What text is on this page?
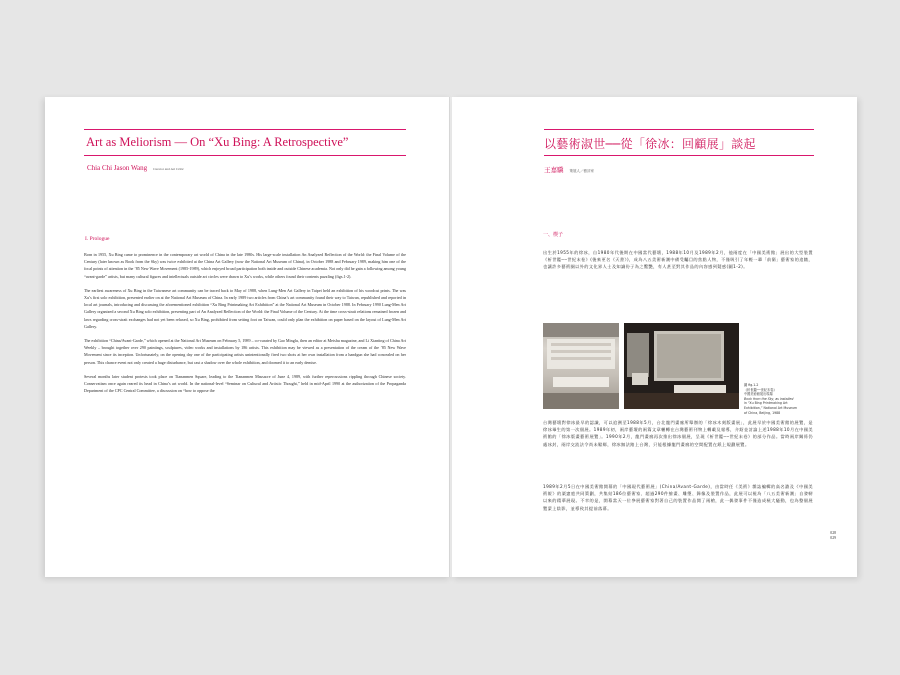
Art as Meliorism — On “Xu Bing: A Retrospective”
Chia Chi Jason Wang Curator and Art Critic
I. Prologue

Born in 1955, Xu Bing came to prominence in the contemporary art world of China in the late 1980s. His large-scale installation An Analyzed Reflection of the World: the Final Volume of the Century (later known as Book from the Sky) was twice exhibited at the China Art Gallery (now the National Art Museum of China), in October 1988 and February 1989, making him one of the focal points of attention in the ’85 New Wave Movement (1985-1989), which enjoyed broad participation both inside and outside Chinese academia. Not only did he gain a following among young “avant-garde” artists, but many cultural figures and intellectuals outside art circles were drawn to Xu’s works, while others found their contents puzzling (figs.1-2).

The earliest awareness of Xu Bing in the Taiwanese art community can be traced back to May of 1988, when Lung-Men Art Gallery in Taipei held an exhibition of his woodcut prints. The was Xu’s first solo exhibition, presented earlier on at the National Art Museum of China. In early 1989 two articles from China’s art community found their way to Taiwan, republished and reported in local art journals, introducing and discussing the aforementioned exhibition “Xu Bing Printmaking Art Exhibition” at the National Art Museum in October 1988. In February 1990 Lung-Men Art Gallery organized a second Xu Bing solo exhibition, presenting part of An Analyzed Reflection of the World: the Final Volume of the Century. At the time cross-strait relations remained frozen and laws regarding cross-strait exchanges had not yet been relaxed, so Xu Bing, prohibited from setting foot on Taiwan, could only plan the exhibition on paper based on the layout of Lung-Men Art Gallery.

The exhibition “China/Avant-Garde,” which opened at the National Art Museum on February 5, 1989 – co-curated by Gao Minglu, then an editor at Meishu magazine, and Li Xianting of China Art Weekly – brought together over 290 paintings, sculptures, video works and installations by 186 artists. This exhibition may be viewed as a presentation of the cream of the ’85 New Wave Movement since its inception. Unfortunately, on the opening day one of the participating artists unintentionally fired two shots at her own installation from a handgun she had concealed on her person. This chance event not only created a huge disturbance, but cast a shadow over the whole exhibition, and doomed it to an early demise.

Several months later student protests took place on Tiananmen Square, leading to the Tiananmen Massacre of June 4, 1989, with further repercussions rippling through Chinese society. Conservatism once again reared its head in China’s art world. In the national-level “Seminar on Cultural and Artistic Thought,” held in mid-April 1990 at the authorization of the Propaganda Department of the CPC Central Committee, a discussion on “how to oppose the

以藝術淑世──從「徐冰：回顧展」談起
王嘉驥 策展人／藝評家
一、楔子
出生於1955年的徐冰，自1980年代後期在中國當代藝壇，1988年10月及1989年2月，他兩度在「中國美術館」展出的大型裝置《析世鑑──世紀末卷》(後來更名《天書》)，成為八五美術新潮中備受矚目的焦點人物，不僅吸引了年輕一輩「前衛」藝術家的追隨，也讓許多藝術圈以外的文化界人士及知識份子為之驚艷，有人甚至對其作品的內容感到疑惑(圖1-2)。
圖 fig.1-2
《析世鑑──世紀末卷》
中國美術館展出現場
Book from the Sky, as installed
in “Xu Bing Printmaking Art
Exhibition,” National Art Museum
of China, Beijing, 1988
台灣藝壇對徐冰最早的認識，可以追溯至1988年5月，台北龍門畫廊所舉辦的「徐冰木刻版畫展」，此展早於中國美術館的展覽，是徐冰畢生的第一次個展。1989年初，兩岸藝壇的兩篇文章輾轉在台灣藝術刊物上轉載及報導，介紹並討論上述1988年10月在中國美術館的「徐冰版畫藝術展覽」。1990年2月，龍門畫廊再次推出徐冰個展，呈現《析世鑑──世紀末卷》的部分作品。當時兩岸關係仍處冰封，兩岸交流法令尚未鬆綁，徐冰無法踏上台灣，只能根據龍門畫廊的空間配置在紙上規劃展覽。
1989年2月5日在中國美術館開幕的「中國現代藝術展」(China/Avant-Garde)，由當時任《美術》雜誌編輯的高名潞及《中國美術報》的栗憲庭共同策劃，共集結186位藝術家、超過290件繪畫、雕塑、錄像及裝置作品，此展可以視為「八五美術新潮」自發軔以來的精華展現。不幸的是，開幕當天一位參展藝術家對著自己的裝置作品開了兩槍，此一偶發事件不僅造成極大騷動，也為整個展覽蒙上陰影，並導致其提前落幕。
028
029
